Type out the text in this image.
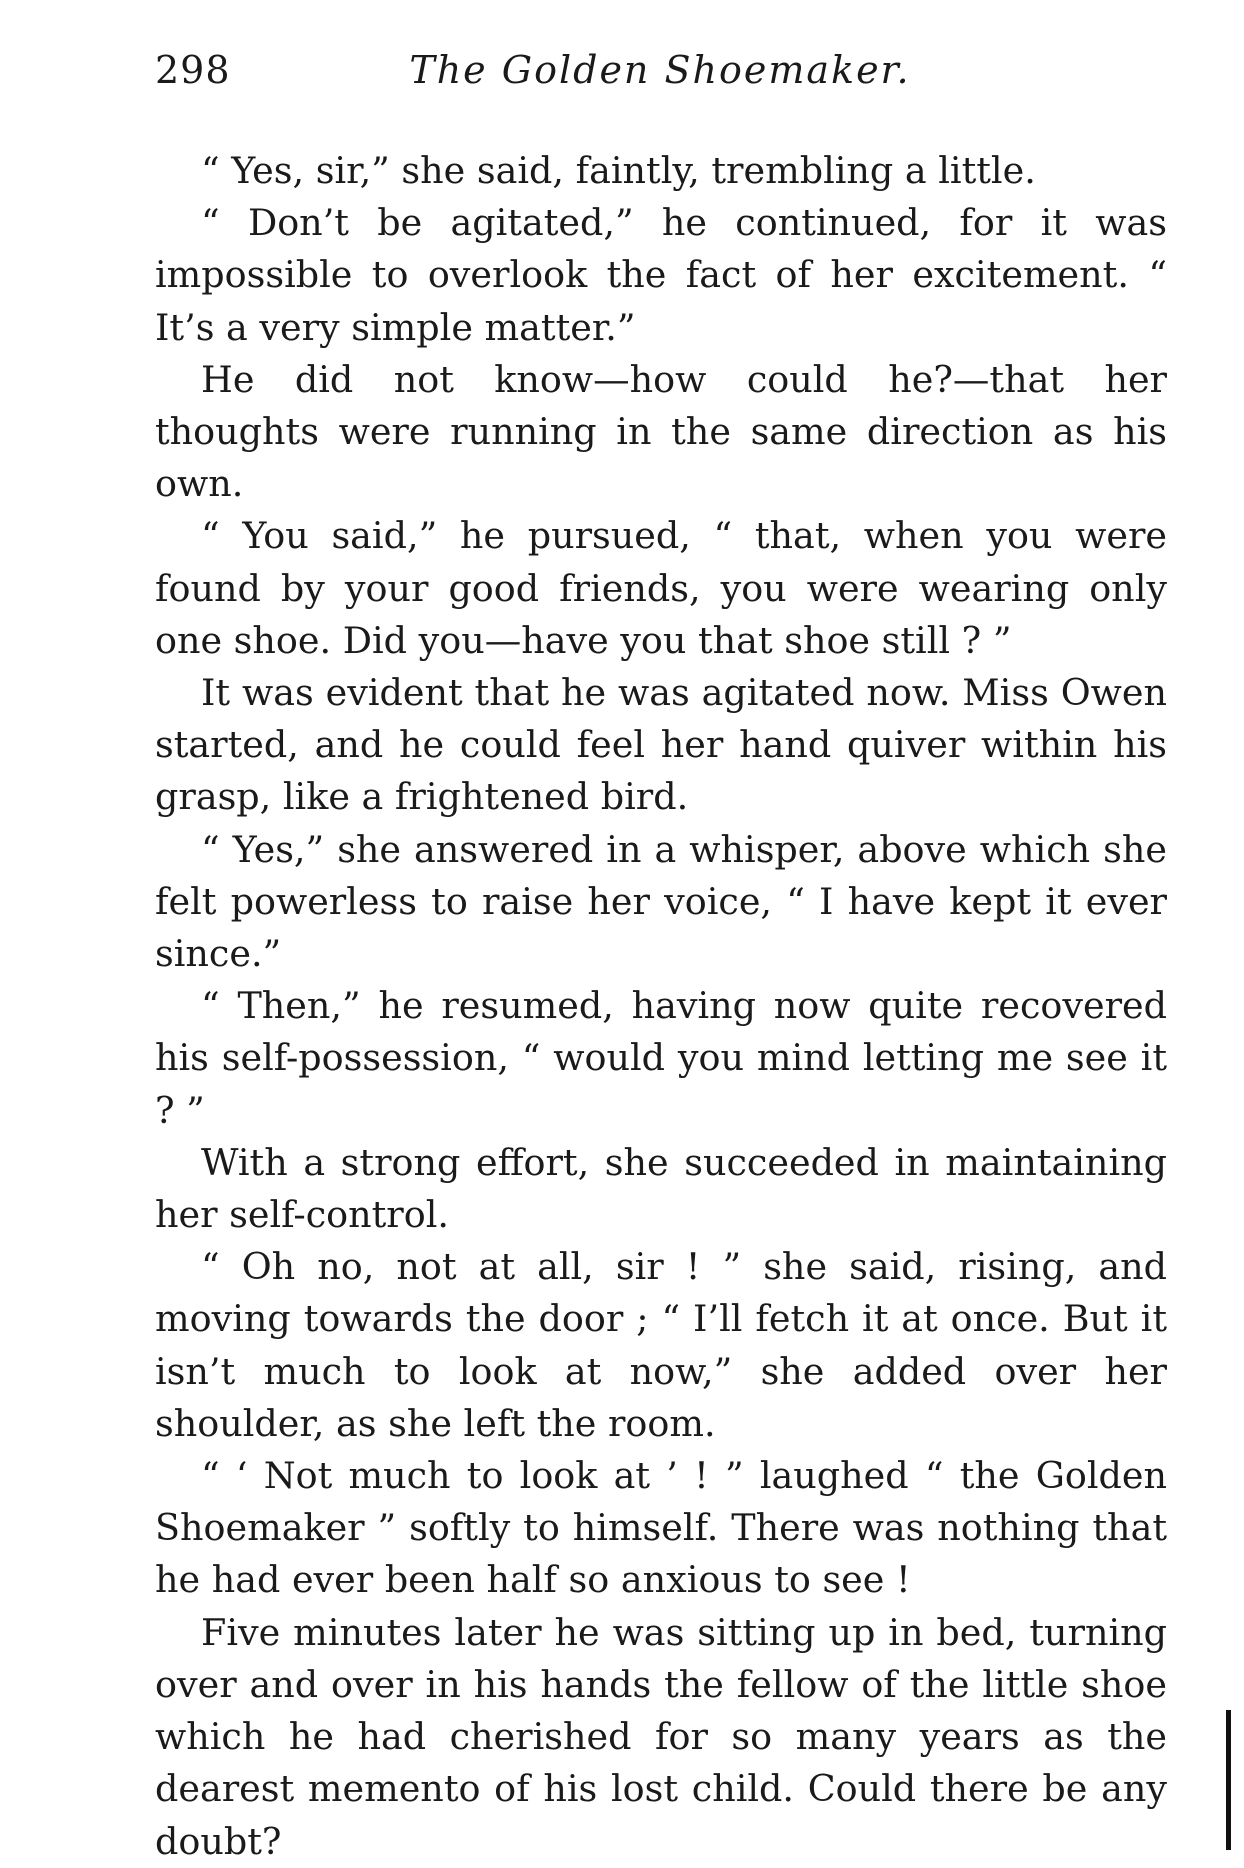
298	The Golden Shoemaker.

“ Yes, sir,” she said, faintly, trembling a little.

“ Don’t be agitated,” he continued, for it was impossible to overlook the fact of her excitement. “ It’s a very simple matter.”

He did not know—how could he?—that her thoughts were running in the same direction as his own.

“ You said,” he pursued, “ that, when you were found by your good friends, you were wearing only one shoe. Did you—have you that shoe still ? ”

It was evident that he was agitated now. Miss Owen started, and he could feel her hand quiver within his grasp, like a frightened bird.

“ Yes,” she answered in a whisper, above which she felt powerless to raise her voice, “ I have kept it ever since.”

“ Then,” he resumed, having now quite recovered his self-possession, “ would you mind letting me see it ? ”

With a strong effort, she succeeded in maintaining her self-control.

“ Oh no, not at all, sir ! ” she said, rising, and moving towards the door ; “ I’ll fetch it at once. But it isn’t much to look at now,” she added over her shoulder, as she left the room.

“ ‘ Not much to look at ’ ! ” laughed “ the Golden Shoemaker ” softly to himself. There was nothing that he had ever been half so anxious to see !

Five minutes later he was sitting up in bed, turning over and over in his hands the fellow of the little shoe which he had cherished for so many years as the dearest memento of his lost child. Could there be any doubt?
